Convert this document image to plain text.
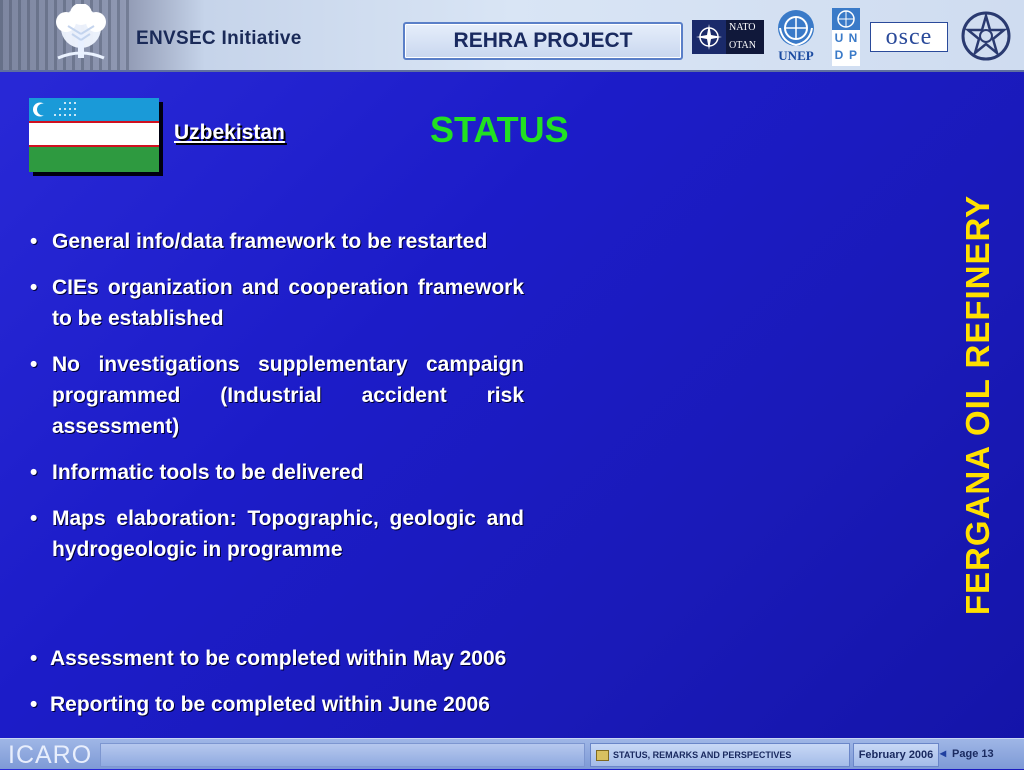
ENVSEC Initiative	REHRA PROJECT
NATO
OTAN
UNEP
U N
D P
osce
Uzbekistan	STATUS
• General info/data framework to be restarted
• CIEs organization and cooperation framework to be established
• No investigations supplementary campaign programmed (Industrial accident risk assessment)
• Informatic tools to be delivered
• Maps elaboration: Topographic, geologic and hydrogeologic in programme
• Assessment to be completed within May 2006
• Reporting to be completed within June 2006
FERGANA OIL REFINERY
ICARO	STATUS, REMARKS AND PERSPECTIVES	February 2006 ◂ Page 13
